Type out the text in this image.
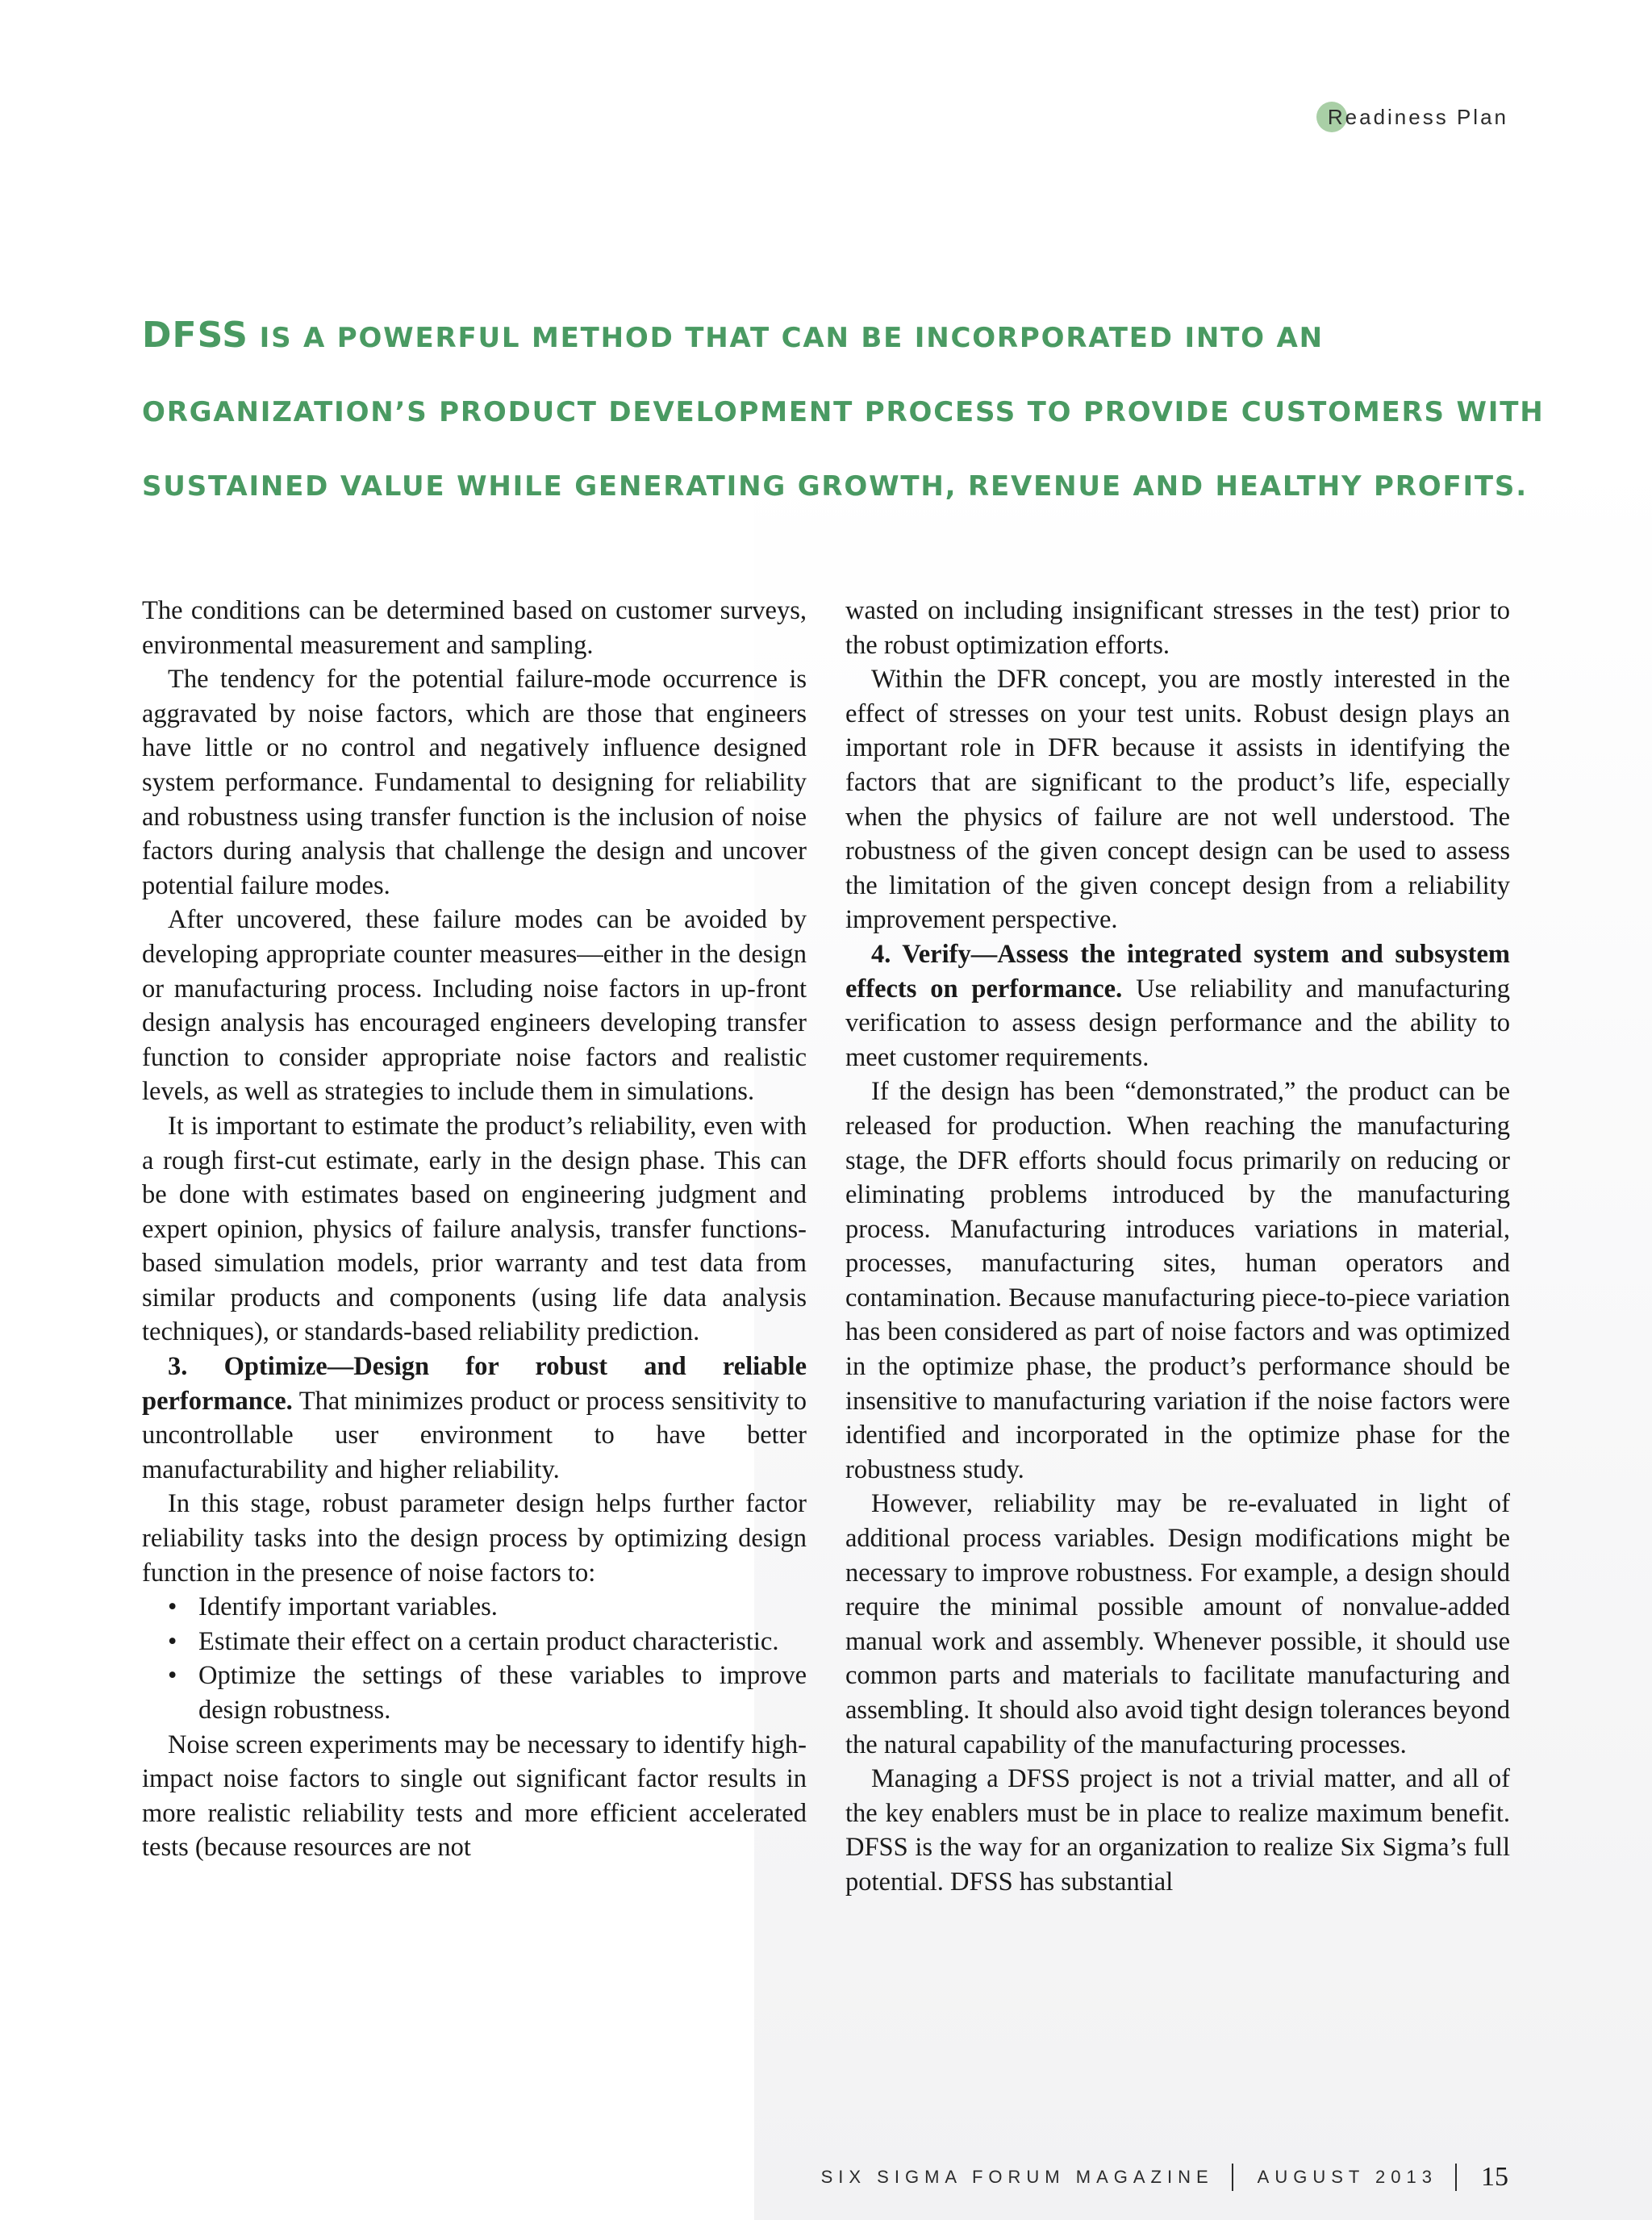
Readiness Plan
DFSS IS A POWERFUL METHOD THAT CAN BE INCORPORATED INTO AN
ORGANIZATION’S PRODUCT DEVELOPMENT PROCESS TO PROVIDE CUSTOMERS WITH
SUSTAINED VALUE WHILE GENERATING GROWTH, REVENUE AND HEALTHY PROFITS.

The conditions can be determined based on customer surveys, environmental measurement and sampling.

The tendency for the potential failure-mode occurrence is aggravated by noise factors, which are those that engineers have little or no control and negatively influence designed system performance. Fundamental to designing for reliability and robustness using transfer function is the inclusion of noise factors during analysis that challenge the design and uncover potential failure modes.

After uncovered, these failure modes can be avoided by developing appropriate counter measures—either in the design or manufacturing process. Including noise factors in up-front design analysis has encouraged engineers developing transfer function to consider appropriate noise factors and realistic levels, as well as strategies to include them in simulations.

It is important to estimate the product’s reliability, even with a rough first-cut estimate, early in the design phase. This can be done with estimates based on engineering judgment and expert opinion, physics of failure analysis, transfer functions-based simulation models, prior warranty and test data from similar products and components (using life data analysis techniques), or standards-based reliability prediction.

3. Optimize—Design for robust and reliable performance. That minimizes product or process sensitivity to uncontrollable user environment to have better manufacturability and higher reliability.

In this stage, robust parameter design helps further factor reliability tasks into the design process by optimizing design function in the presence of noise factors to:

• Identify important variables.
• Estimate their effect on a certain product characteristic.
• Optimize the settings of these variables to improve design robustness.

Noise screen experiments may be necessary to identify high-impact noise factors to single out significant factor results in more realistic reliability tests and more efficient accelerated tests (because resources are not

wasted on including insignificant stresses in the test) prior to the robust optimization efforts.

Within the DFR concept, you are mostly interested in the effect of stresses on your test units. Robust design plays an important role in DFR because it assists in identifying the factors that are significant to the product’s life, especially when the physics of failure are not well understood. The robustness of the given concept design can be used to assess the limitation of the given concept design from a reliability improvement perspective.

4. Verify—Assess the integrated system and subsystem effects on performance. Use reliability and manufacturing verification to assess design performance and the ability to meet customer requirements.

If the design has been “demonstrated,” the product can be released for production. When reaching the manufacturing stage, the DFR efforts should focus primarily on reducing or eliminating problems introduced by the manufacturing process. Manufacturing introduces variations in material, processes, manufacturing sites, human operators and contamination. Because manufacturing piece-to-piece variation has been considered as part of noise factors and was optimized in the optimize phase, the product’s performance should be insensitive to manufacturing variation if the noise factors were identified and incorporated in the optimize phase for the robustness study.

However, reliability may be re-evaluated in light of additional process variables. Design modifications might be necessary to improve robustness. For example, a design should require the minimal possible amount of nonvalue-added manual work and assembly. Whenever possible, it should use common parts and materials to facilitate manufacturing and assembling. It should also avoid tight design tolerances beyond the natural capability of the manufacturing processes.

Managing a DFSS project is not a trivial matter, and all of the key enablers must be in place to realize maximum benefit. DFSS is the way for an organization to realize Six Sigma’s full potential. DFSS has substantial

SIX SIGMA FORUM MAGAZINE AUGUST 2013 15
